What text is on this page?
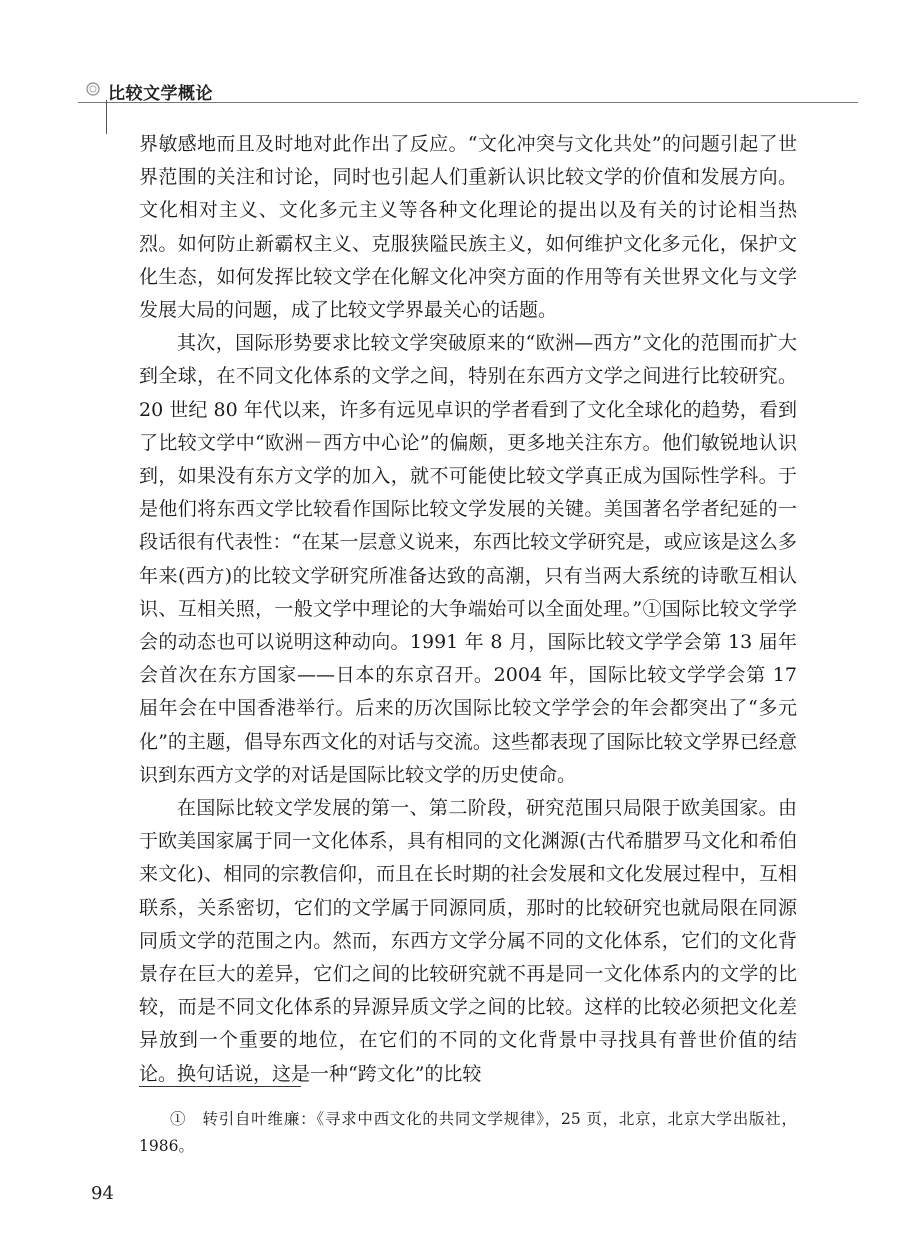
比较文学概论

界敏感地而且及时地对此作出了反应。“文化冲突与文化共处”的问题引起了世界范围的关注和讨论，同时也引起人们重新认识比较文学的价值和发展方向。文化相对主义、文化多元主义等各种文化理论的提出以及有关的讨论相当热烈。如何防止新霸权主义、克服狭隘民族主义，如何维护文化多元化，保护文化生态，如何发挥比较文学在化解文化冲突方面的作用等有关世界文化与文学发展大局的问题，成了比较文学界最关心的话题。

其次，国际形势要求比较文学突破原来的“欧洲—西方”文化的范围而扩大到全球，在不同文化体系的文学之间，特别在东西方文学之间进行比较研究。20 世纪 80 年代以来，许多有远见卓识的学者看到了文化全球化的趋势，看到了比较文学中“欧洲－西方中心论”的偏颇，更多地关注东方。他们敏锐地认识到，如果没有东方文学的加入，就不可能使比较文学真正成为国际性学科。于是他们将东西文学比较看作国际比较文学发展的关键。美国著名学者纪延的一段话很有代表性：“在某一层意义说来，东西比较文学研究是，或应该是这么多年来(西方)的比较文学研究所准备达致的高潮，只有当两大系统的诗歌互相认识、互相关照，一般文学中理论的大争端始可以全面处理。”①国际比较文学学会的动态也可以说明这种动向。1991 年 8 月，国际比较文学学会第 13 届年会首次在东方国家——日本的东京召开。2004 年，国际比较文学学会第 17 届年会在中国香港举行。后来的历次国际比较文学学会的年会都突出了“多元化”的主题，倡导东西文化的对话与交流。这些都表现了国际比较文学界已经意识到东西方文学的对话是国际比较文学的历史使命。

在国际比较文学发展的第一、第二阶段，研究范围只局限于欧美国家。由于欧美国家属于同一文化体系，具有相同的文化渊源(古代希腊罗马文化和希伯来文化)、相同的宗教信仰，而且在长时期的社会发展和文化发展过程中，互相联系，关系密切，它们的文学属于同源同质，那时的比较研究也就局限在同源同质文学的范围之内。然而，东西方文学分属不同的文化体系，它们的文化背景存在巨大的差异，它们之间的比较研究就不再是同一文化体系内的文学的比较，而是不同文化体系的异源异质文学之间的比较。这样的比较必须把文化差异放到一个重要的地位，在它们的不同的文化背景中寻找具有普世价值的结论。换句话说，这是一种“跨文化”的比较

①　转引自叶维廉：《寻求中西文化的共同文学规律》，25 页，北京，北京大学出版社，1986。

94
